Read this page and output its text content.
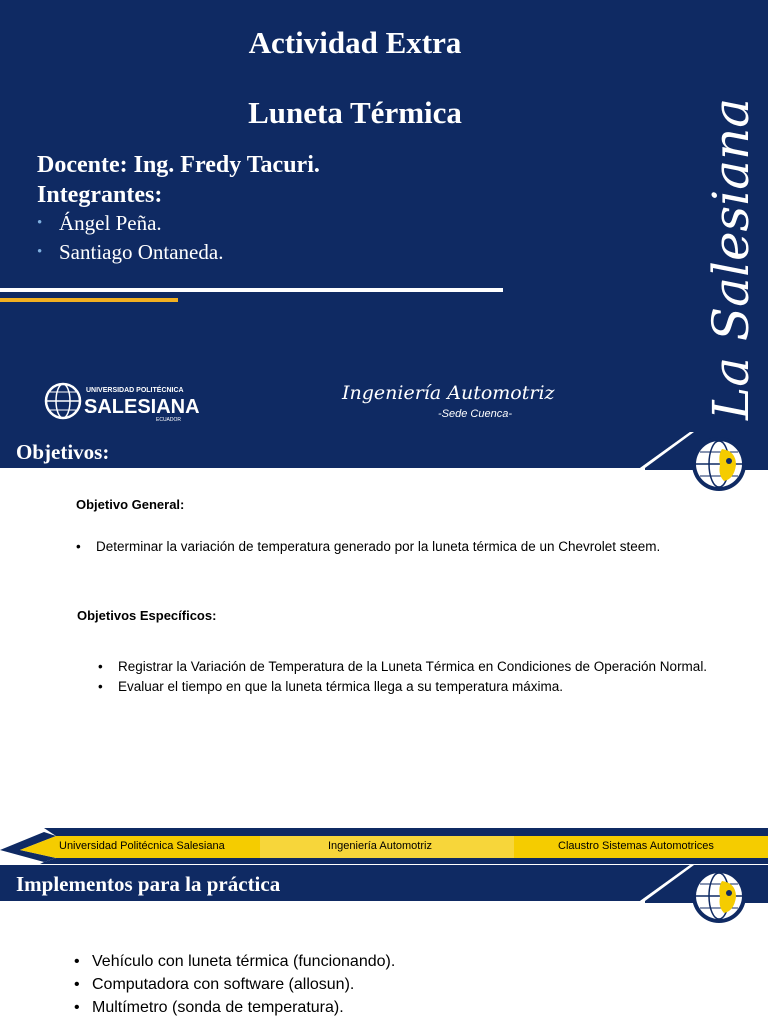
Actividad Extra
Luneta Térmica
Docente: Ing. Fredy Tacuri.
Integrantes:
• Ángel Peña.
• Santiago Ontaneda.	La Salesiana
UNIVERSIDAD POLITÉCNICA
SALESIANA
ECUADOR
Ingeniería Automotriz
-Sede Cuenca-
Objetivos:
Objetivo General:
• Determinar la variación de temperatura generado por la luneta térmica de un Chevrolet steem.
Objetivos Específicos:
• Registrar la Variación de Temperatura de la Luneta Térmica en Condiciones de Operación Normal.
• Evaluar el tiempo en que la luneta térmica llega a su temperatura máxima.
Universidad Politécnica Salesiana	Ingeniería Automotriz	Claustro Sistemas Automotrices
Implementos para la práctica
• Vehículo con luneta térmica (funcionando).
• Computadora con software (allosun).
• Multímetro (sonda de temperatura).
